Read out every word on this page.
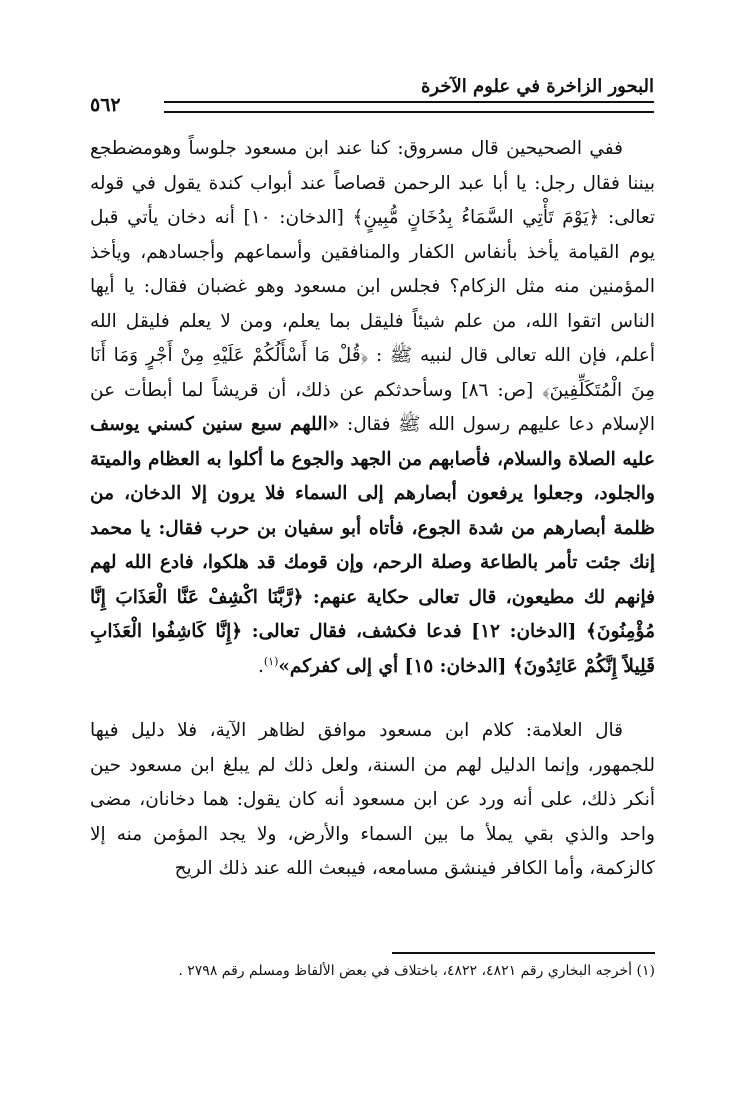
البحور الزاخرة في علوم الآخرة
٥٦٢

ففي الصحيحين قال مسروق: كنا عند ابن مسعود جلوساً وهومضطجع بيننا فقال رجل: يا أبا عبد الرحمن قصاصاً عند أبواب كندة يقول في قوله تعالى: ﴿يَوْمَ تَأْتِي السَّمَاءُ بِدُخَانٍ مُّبِينٍ﴾ [الدخان: ١٠] أنه دخان يأتي قبل يوم القيامة يأخذ بأنفاس الكفار والمنافقين وأسماعهم وأجسادهم، ويأخذ المؤمنين منه مثل الزكام؟ فجلس ابن مسعود وهو غضبان فقال: يا أيها الناس اتقوا الله، من علم شيئاً فليقل بما يعلم، ومن لا يعلم فليقل الله أعلم، فإن الله تعالى قال لنبيه ﷺ : ﴿قُلْ مَا أَسْأَلُكُمْ عَلَيْهِ مِنْ أَجْرٍ وَمَا أَنَا مِنَ الْمُتَكَلِّفِينَ﴾ [ص: ٨٦] وسأحدثكم عن ذلك، أن قريشاً لما أبطأت عن الإسلام دعا عليهم رسول الله ﷺ فقال: «اللهم سبع سنين كسني يوسف عليه الصلاة والسلام، فأصابهم من الجهد والجوع ما أكلوا به العظام والميتة والجلود، وجعلوا يرفعون أبصارهم إلى السماء فلا يرون إلا الدخان، من ظلمة أبصارهم من شدة الجوع، فأتاه أبو سفيان بن حرب فقال: يا محمد إنك جئت تأمر بالطاعة وصلة الرحم، وإن قومك قد هلكوا، فادع الله لهم فإنهم لك مطيعون، قال تعالى حكاية عنهم: ﴿رَّبَّنَا اكْشِفْ عَنَّا الْعَذَابَ إِنَّا مُؤْمِنُونَ﴾ [الدخان: ١٢] فدعا فكشف، فقال تعالى: ﴿إِنَّا كَاشِفُوا الْعَذَابِ قَلِيلاً إِنَّكُمْ عَائِدُونَ﴾ [الدخان: ١٥] أي إلى كفركم»$^{(١)}$.

قال العلامة: كلام ابن مسعود موافق لظاهر الآية، فلا دليل فيها للجمهور، وإنما الدليل لهم من السنة، ولعل ذلك لم يبلغ ابن مسعود حين أنكر ذلك، على أنه ورد عن ابن مسعود أنه كان يقول: هما دخانان، مضى واحد والذي بقي يملأ ما بين السماء والأرض، ولا يجد المؤمن منه إلا كالزكمة، وأما الكافر فينشق مسامعه، فيبعث الله عند ذلك الريح

(١) أخرجه البخاري رقم ٤٨٢١، ٤٨٢٢، باختلاف في بعض الألفاظ ومسلم رقم ٢٧٩٨ .
